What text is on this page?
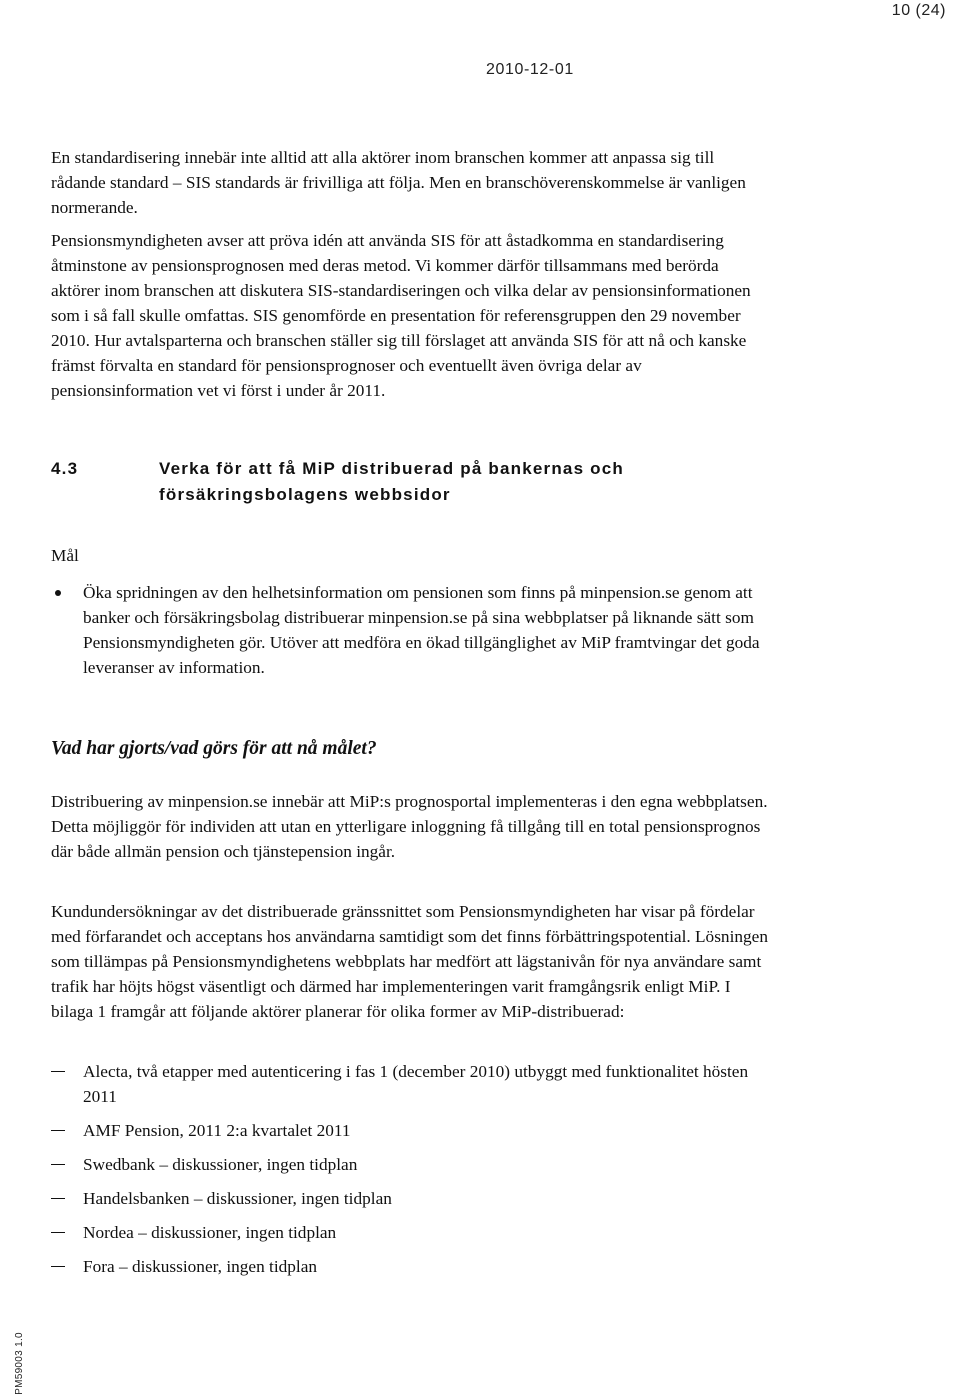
10 (24)
2010-12-01

En standardisering innebär inte alltid att alla aktörer inom branschen kommer att anpassa sig till rådande standard – SIS standards är frivilliga att följa. Men en branschöverenskommelse är vanligen normerande.

Pensionsmyndigheten avser att pröva idén att använda SIS för att åstadkomma en standardisering åtminstone av pensionsprognosen med deras metod. Vi kommer därför tillsammans med berörda aktörer inom branschen att diskutera SIS-standardiseringen och vilka delar av pensionsinformationen som i så fall skulle omfattas. SIS genomförde en presentation för referensgruppen den 29 november 2010. Hur avtalsparterna och branschen ställer sig till förslaget att använda SIS för att nå och kanske främst förvalta en standard för pensionsprognoser och eventuellt även övriga delar av pensionsinformation vet vi först i under år 2011.

4.3	Verka för att få MiP distribuerad på bankernas och
försäkringsbolagens webbsidor
Mål
Öka spridningen av den helhetsinformation om pensionen som finns på minpension.se genom att banker och försäkringsbolag distribuerar minpension.se på sina webbplatser på liknande sätt som Pensionsmyndigheten gör. Utöver att medföra en ökad tillgänglighet av MiP framtvingar det goda leveranser av information.
Vad har gjorts/vad görs för att nå målet?

Distribuering av minpension.se innebär att MiP:s prognosportal implementeras i den egna webbplatsen. Detta möjliggör för individen att utan en ytterligare inloggning få tillgång till en total pensionsprognos där både allmän pension och tjänstepension ingår.

Kundundersökningar av det distribuerade gränssnittet som Pensionsmyndigheten har visar på fördelar med förfarandet och acceptans hos användarna samtidigt som det finns förbättringspotential. Lösningen som tillämpas på Pensionsmyndighetens webbplats har medfört att lägstanivån för nya användare samt trafik har höjts högst väsentligt och därmed har implementeringen varit framgångsrik enligt MiP. I bilaga 1 framgår att följande aktörer planerar för olika former av MiP-distribuerad:

Alecta, två etapper med autenticering i fas 1 (december 2010) utbyggt med funktionalitet hösten 2011
AMF Pension, 2011 2:a kvartalet 2011
Swedbank – diskussioner, ingen tidplan
Handelsbanken – diskussioner, ingen tidplan
Nordea – diskussioner, ingen tidplan
Fora – diskussioner, ingen tidplan
PM59003 1.0
